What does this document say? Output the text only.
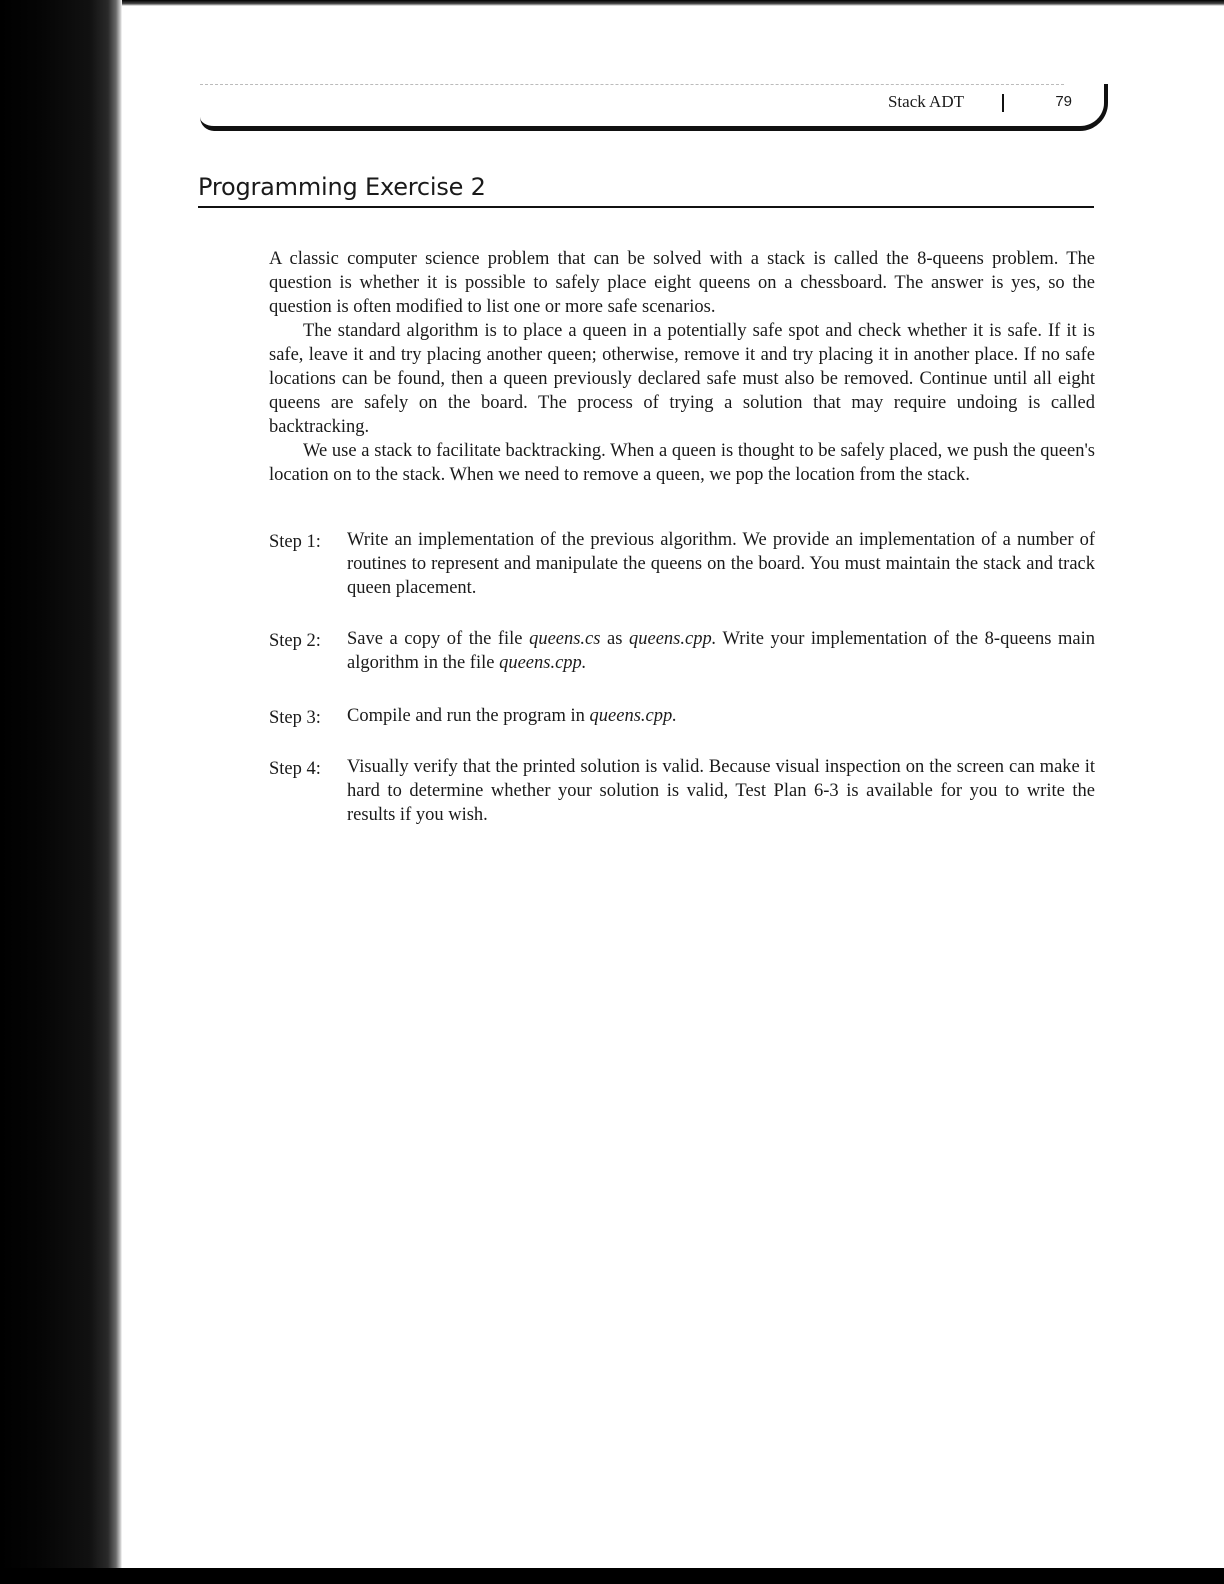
Stack ADT	79
Programming Exercise 2

A classic computer science problem that can be solved with a stack is called the 8-queens problem. The question is whether it is possible to safely place eight queens on a chessboard. The answer is yes, so the question is often modified to list one or more safe scenarios.

The standard algorithm is to place a queen in a potentially safe spot and check whether it is safe. If it is safe, leave it and try placing another queen; otherwise, remove it and try placing it in another place. If no safe locations can be found, then a queen previously declared safe must also be removed. Continue until all eight queens are safely on the board. The process of trying a solution that may require undoing is called backtracking.

We use a stack to facilitate backtracking. When a queen is thought to be safely placed, we push the queen's location on to the stack. When we need to remove a queen, we pop the location from the stack.

Step 1:	Write an implementation of the previous algorithm. We provide an implementation of a number of routines to represent and manipulate the queens on the board. You must maintain the stack and track queen placement.
Step 2:	Save a copy of the file queens.cs as queens.cpp. Write your implementation of the 8-queens main algorithm in the file queens.cpp.
Step 3:	Compile and run the program in queens.cpp.
Step 4:	Visually verify that the printed solution is valid. Because visual inspection on the screen can make it hard to determine whether your solution is valid, Test Plan 6-3 is available for you to write the results if you wish.
